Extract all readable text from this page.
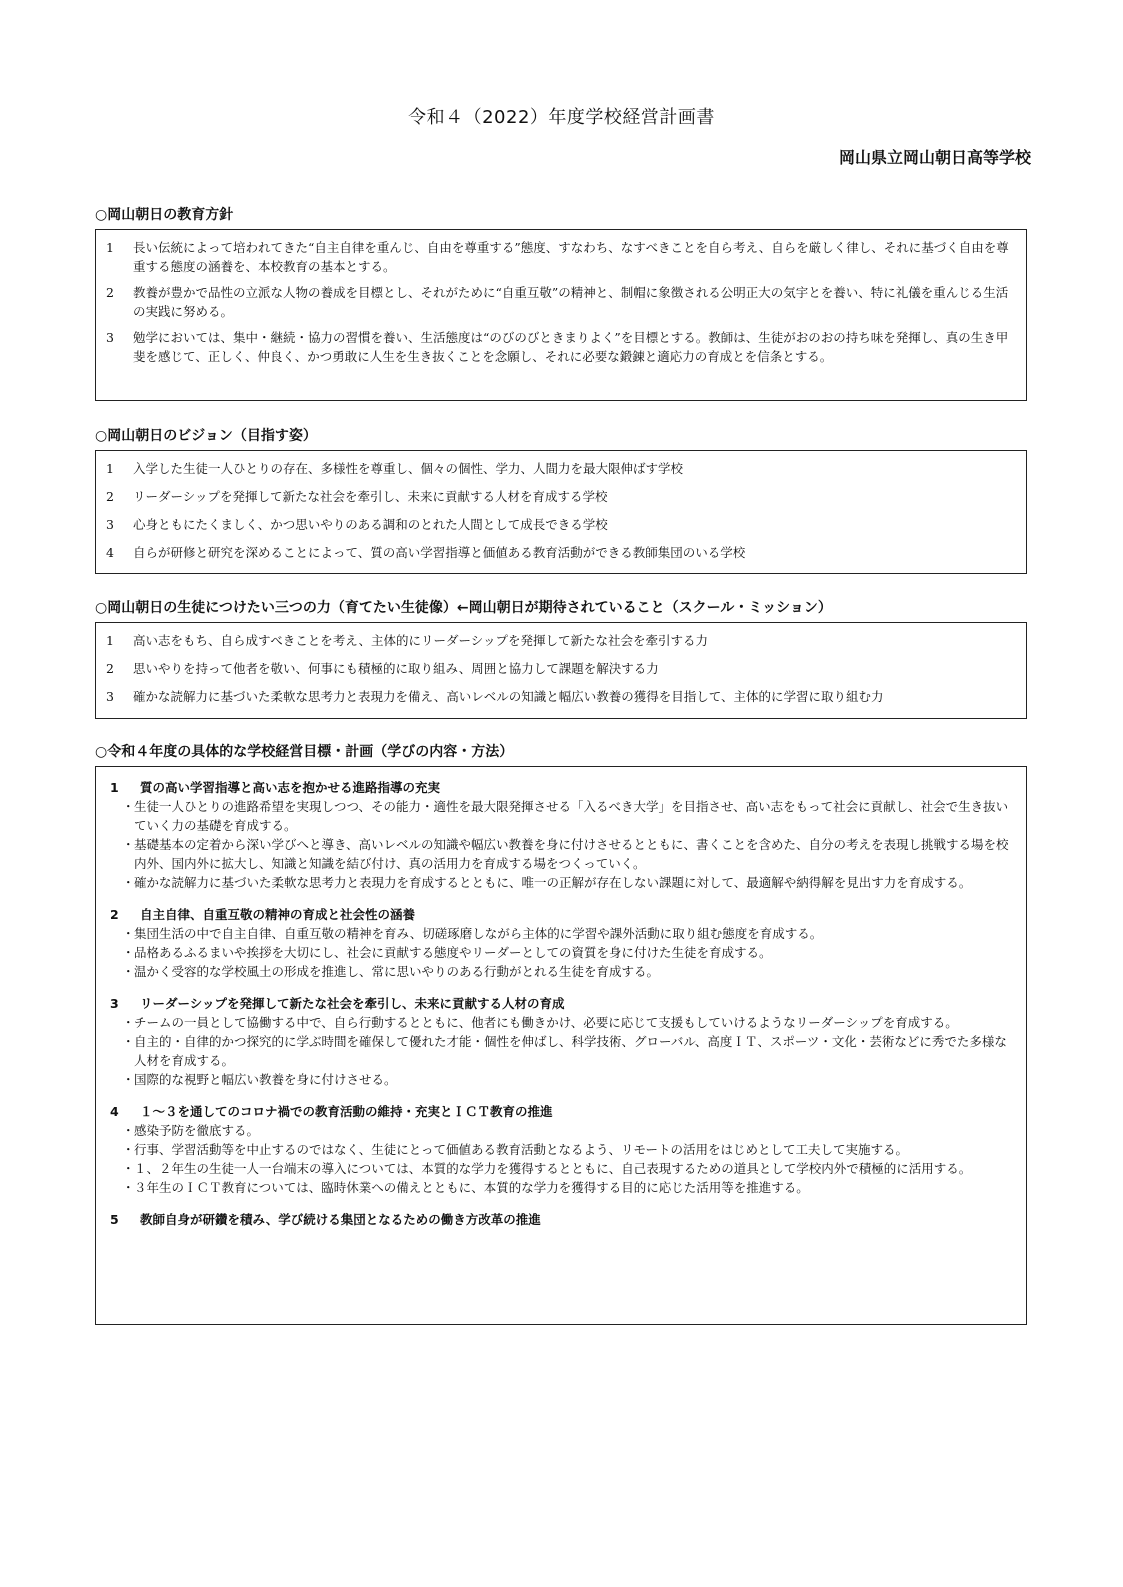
令和４（2022）年度学校経営計画書
岡山県立岡山朝日高等学校
○岡山朝日の教育方針
1	長い伝統によって培われてきた“自主自律を重んじ、自由を尊重する”態度、すなわち、なすべきことを自ら考え、自らを厳しく律し、それに基づく自由を尊重する態度の涵養を、本校教育の基本とする。
2	教養が豊かで品性の立派な人物の養成を目標とし、それがために“自重互敬”の精神と、制帽に象徴される公明正大の気宇とを養い、特に礼儀を重んじる生活の実践に努める。
3	勉学においては、集中・継続・協力の習慣を養い、生活態度は“のびのびときまりよく”を目標とする。教師は、生徒がおのおの持ち味を発揮し、真の生き甲斐を感じて、正しく、仲良く、かつ勇敢に人生を生き抜くことを念願し、それに必要な鍛錬と適応力の育成とを信条とする。
○岡山朝日のビジョン（目指す姿）
1	入学した生徒一人ひとりの存在、多様性を尊重し、個々の個性、学力、人間力を最大限伸ばす学校
2	リーダーシップを発揮して新たな社会を牽引し、未来に貢献する人材を育成する学校
3	心身ともにたくましく、かつ思いやりのある調和のとれた人間として成長できる学校
4	自らが研修と研究を深めることによって、質の高い学習指導と価値ある教育活動ができる教師集団のいる学校
○岡山朝日の生徒につけたい三つの力（育てたい生徒像）←岡山朝日が期待されていること（スクール・ミッション）
1	高い志をもち、自ら成すべきことを考え、主体的にリーダーシップを発揮して新たな社会を牽引する力
2	思いやりを持って他者を敬い、何事にも積極的に取り組み、周囲と協力して課題を解決する力
3	確かな読解力に基づいた柔軟な思考力と表現力を備え、高いレベルの知識と幅広い教養の獲得を目指して、主体的に学習に取り組む力
○令和４年度の具体的な学校経営目標・計画（学びの内容・方法）
1	質の高い学習指導と高い志を抱かせる進路指導の充実
・ 生徒一人ひとりの進路希望を実現しつつ、その能力・適性を最大限発揮させる「入るべき大学」を目指させ、高い志をもって社会に貢献し、社会で生き抜いていく力の基礎を育成する。
・ 基礎基本の定着から深い学びへと導き、高いレベルの知識や幅広い教養を身に付けさせるとともに、書くことを含めた、自分の考えを表現し挑戦する場を校内外、国内外に拡大し、知識と知識を結び付け、真の活用力を育成する場をつくっていく。
・ 確かな読解力に基づいた柔軟な思考力と表現力を育成するとともに、唯一の正解が存在しない課題に対して、最適解や納得解を見出す力を育成する。
2	自主自律、自重互敬の精神の育成と社会性の涵養
・ 集団生活の中で自主自律、自重互敬の精神を育み、切磋琢磨しながら主体的に学習や課外活動に取り組む態度を育成する。
・ 品格あるふるまいや挨拶を大切にし、社会に貢献する態度やリーダーとしての資質を身に付けた生徒を育成する。
・ 温かく受容的な学校風土の形成を推進し、常に思いやりのある行動がとれる生徒を育成する。
3	リーダーシップを発揮して新たな社会を牽引し、未来に貢献する人材の育成
・ チームの一員として協働する中で、自ら行動するとともに、他者にも働きかけ、必要に応じて支援もしていけるようなリーダーシップを育成する。
・ 自主的・自律的かつ探究的に学ぶ時間を確保して優れた才能・個性を伸ばし、科学技術、グローバル、高度ＩＴ、スポーツ・文化・芸術などに秀でた多様な人材を育成する。
・ 国際的な視野と幅広い教養を身に付けさせる。
4	１～３を通してのコロナ禍での教育活動の維持・充実とＩＣＴ教育の推進
・ 感染予防を徹底する。
・ 行事、学習活動等を中止するのではなく、生徒にとって価値ある教育活動となるよう、リモートの活用をはじめとして工夫して実施する。
・ １、２年生の生徒一人一台端末の導入については、本質的な学力を獲得するとともに、自己表現するための道具として学校内外で積極的に活用する。
・ ３年生のＩＣＴ教育については、臨時休業への備えとともに、本質的な学力を獲得する目的に応じた活用等を推進する。
5	教師自身が研鑽を積み、学び続ける集団となるための働き方改革の推進
